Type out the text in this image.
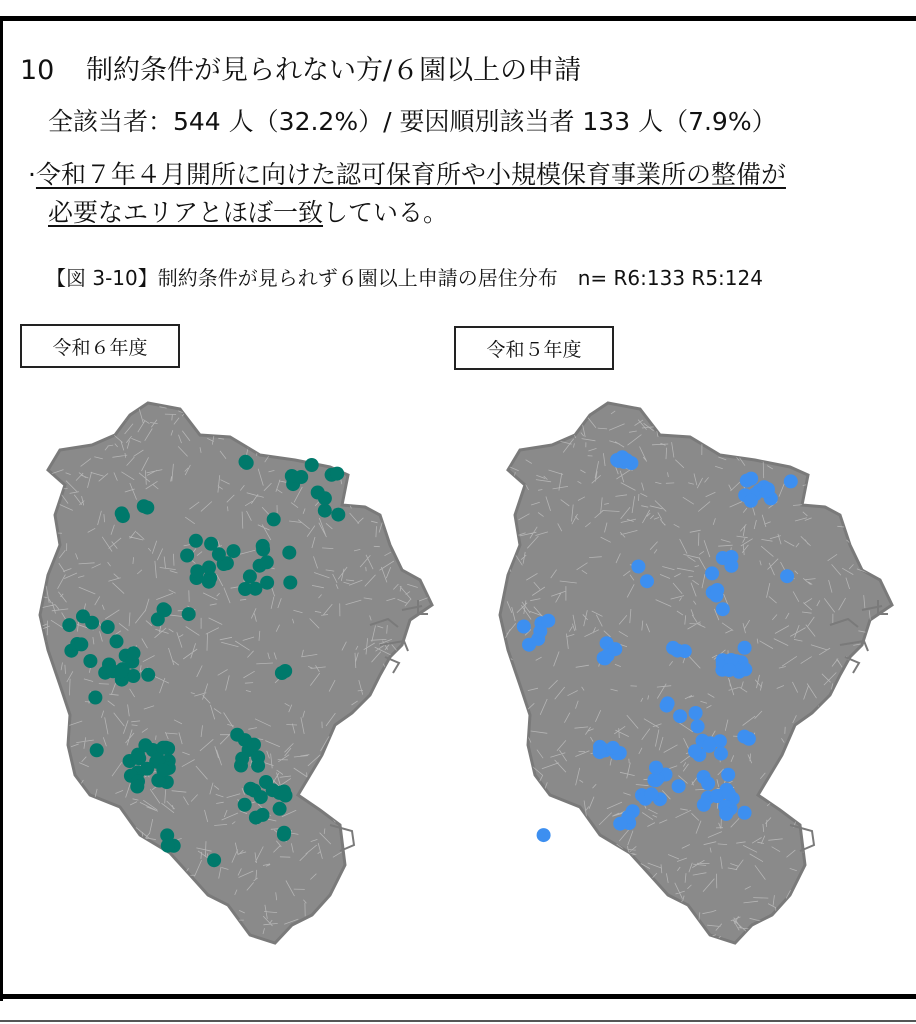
10 制約条件が見られない方/６園以上の申請
全該当者：544 人（32.2%）/ 要因順別該当者 133 人（7.9%）
·令和７年４月開所に向けた認可保育所や小規模保育事業所の整備が
必要なエリアとほぼ一致している。
【図 3-10】制約条件が見られず６園以上申請の居住分布　n= R6:133 R5:124
令和６年度	令和５年度
